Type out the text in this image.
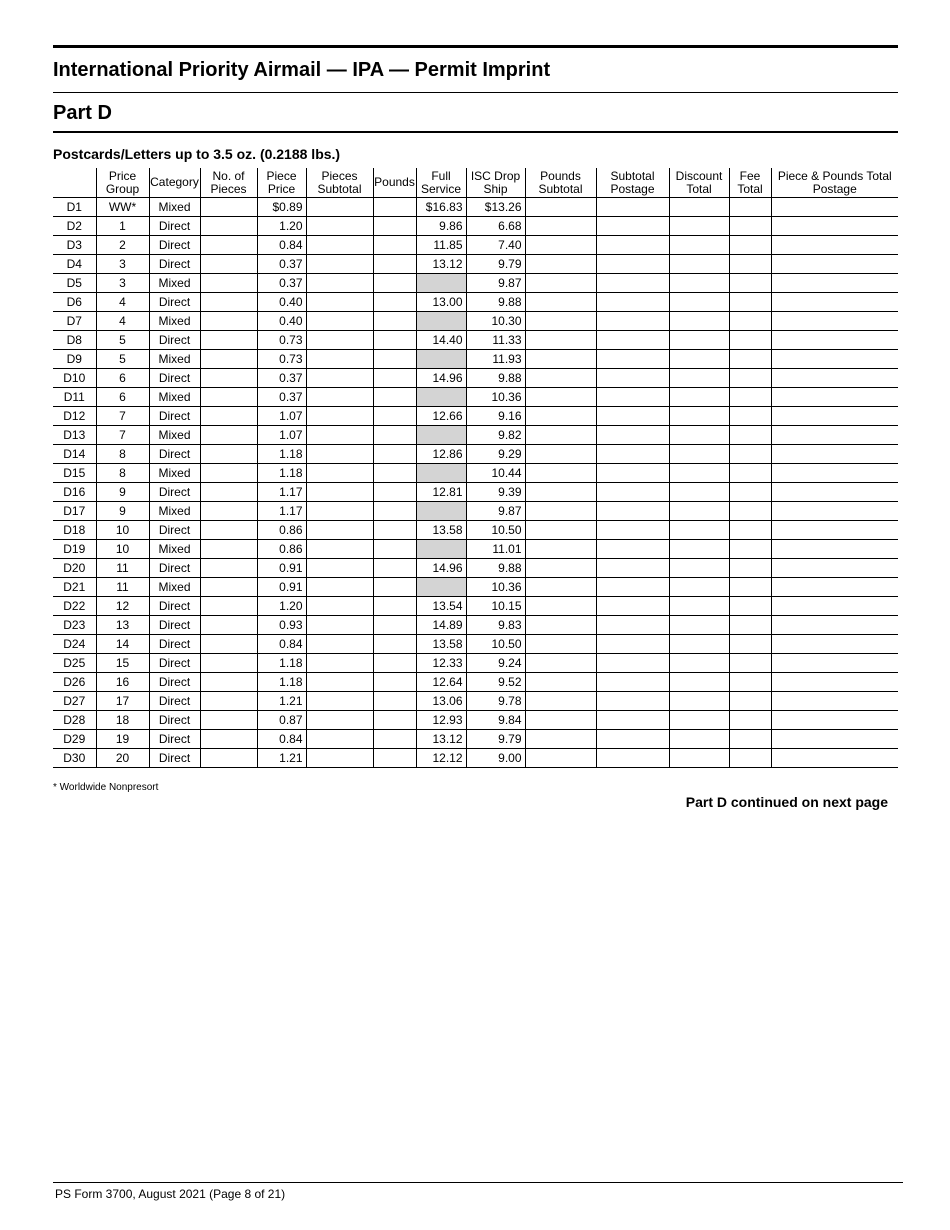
International Priority Airmail — IPA — Permit Imprint
Part D
Postcards/Letters up to 3.5 oz. (0.2188 lbs.)
	Price Group	Category	No. of Pieces	Piece Price	Pieces Subtotal	Pounds	Full Service	ISC Drop Ship	Pounds Subtotal	Subtotal Postage	Discount Total	Fee Total	Piece & Pounds Total Postage
D1	WW*	Mixed		$0.89			$16.83	$13.26					
D2	1	Direct		1.20			9.86	6.68					
D3	2	Direct		0.84			11.85	7.40					
D4	3	Direct		0.37			13.12	9.79					
D5	3	Mixed		0.37				9.87					
D6	4	Direct		0.40			13.00	9.88					
D7	4	Mixed		0.40				10.30					
D8	5	Direct		0.73			14.40	11.33					
D9	5	Mixed		0.73				11.93					
D10	6	Direct		0.37			14.96	9.88					
D11	6	Mixed		0.37				10.36					
D12	7	Direct		1.07			12.66	9.16					
D13	7	Mixed		1.07				9.82					
D14	8	Direct		1.18			12.86	9.29					
D15	8	Mixed		1.18				10.44					
D16	9	Direct		1.17			12.81	9.39					
D17	9	Mixed		1.17				9.87					
D18	10	Direct		0.86			13.58	10.50					
D19	10	Mixed		0.86				11.01					
D20	11	Direct		0.91			14.96	9.88					
D21	11	Mixed		0.91				10.36					
D22	12	Direct		1.20			13.54	10.15					
D23	13	Direct		0.93			14.89	9.83					
D24	14	Direct		0.84			13.58	10.50					
D25	15	Direct		1.18			12.33	9.24					
D26	16	Direct		1.18			12.64	9.52					
D27	17	Direct		1.21			13.06	9.78					
D28	18	Direct		0.87			12.93	9.84					
D29	19	Direct		0.84			13.12	9.79					
D30	20	Direct		1.21			12.12	9.00					
* Worldwide Nonpresort
Part D continued on next page
PS Form 3700, August 2021 (Page 8 of 21)
